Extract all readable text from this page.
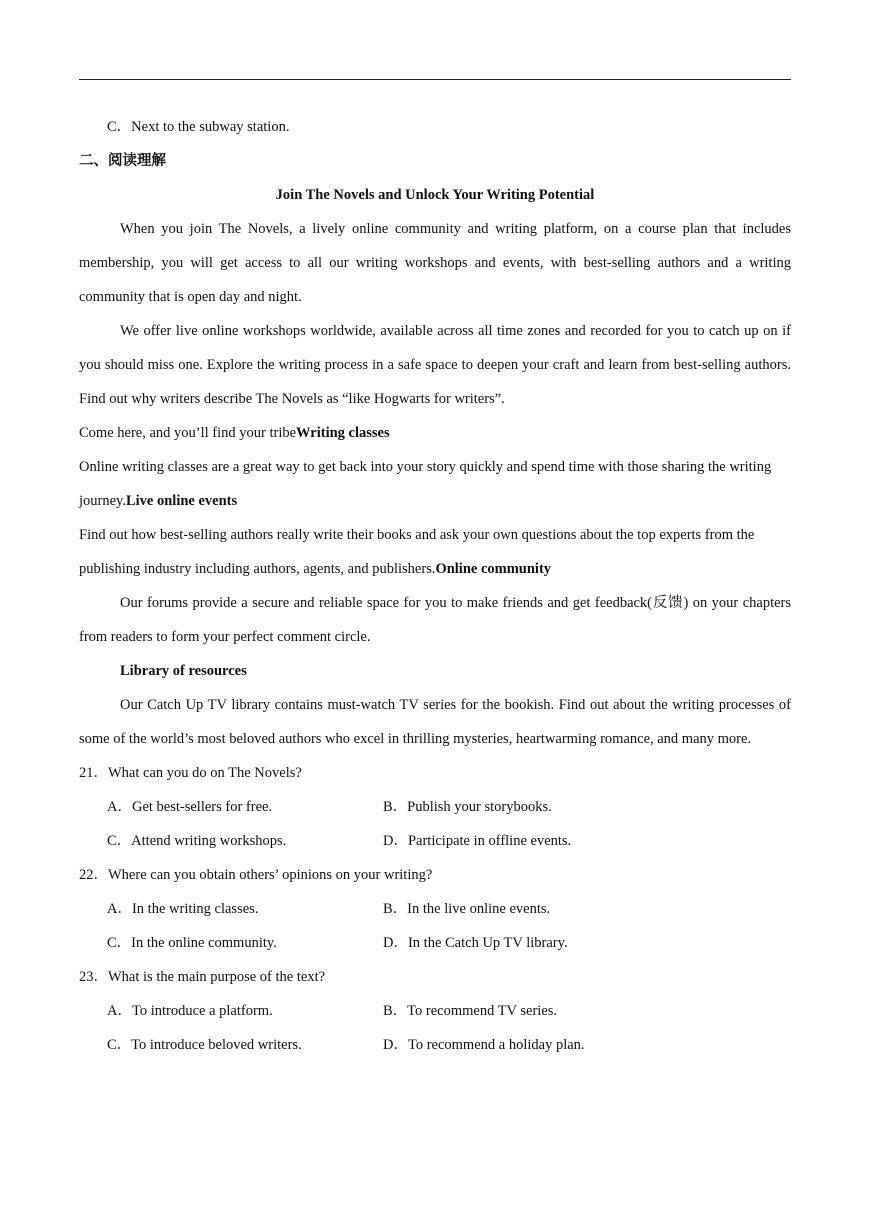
C．Next to the subway station.
二、阅读理解
Join The Novels and Unlock Your Writing Potential
When you join The Novels, a lively online community and writing platform, on a course plan that includes membership, you will get access to all our writing workshops and events, with best-selling authors and a writing community that is open day and night.
We offer live online workshops worldwide, available across all time zones and recorded for you to catch up on if you should miss one. Explore the writing process in a safe space to deepen your craft and learn from best-selling authors. Find out why writers describe The Novels as “like Hogwarts for writers”.
Come here, and you’ll find your tribeWriting classes
Online writing classes are a great way to get back into your story quickly and spend time with those sharing the writing journey.Live online events
Find out how best-selling authors really write their books and ask your own questions about the top experts from the publishing industry including authors, agents, and publishers.Online community
Our forums provide a secure and reliable space for you to make friends and get feedback(反馈) on your chapters from readers to form your perfect comment circle.
Library of resources
Our Catch Up TV library contains must-watch TV series for the bookish. Find out about the writing processes of some of the world’s most beloved authors who excel in thrilling mysteries, heartwarming romance, and many more.
21．What can you do on The Novels?
A．Get best-sellers for free.	B．Publish your storybooks.
C．Attend writing workshops.	D．Participate in offline events.
22．Where can you obtain others’ opinions on your writing?
A．In the writing classes.	B．In the live online events.
C．In the online community.	D．In the Catch Up TV library.
23．What is the main purpose of the text?
A．To introduce a platform.	B．To recommend TV series.
C．To introduce beloved writers.	D．To recommend a holiday plan.
